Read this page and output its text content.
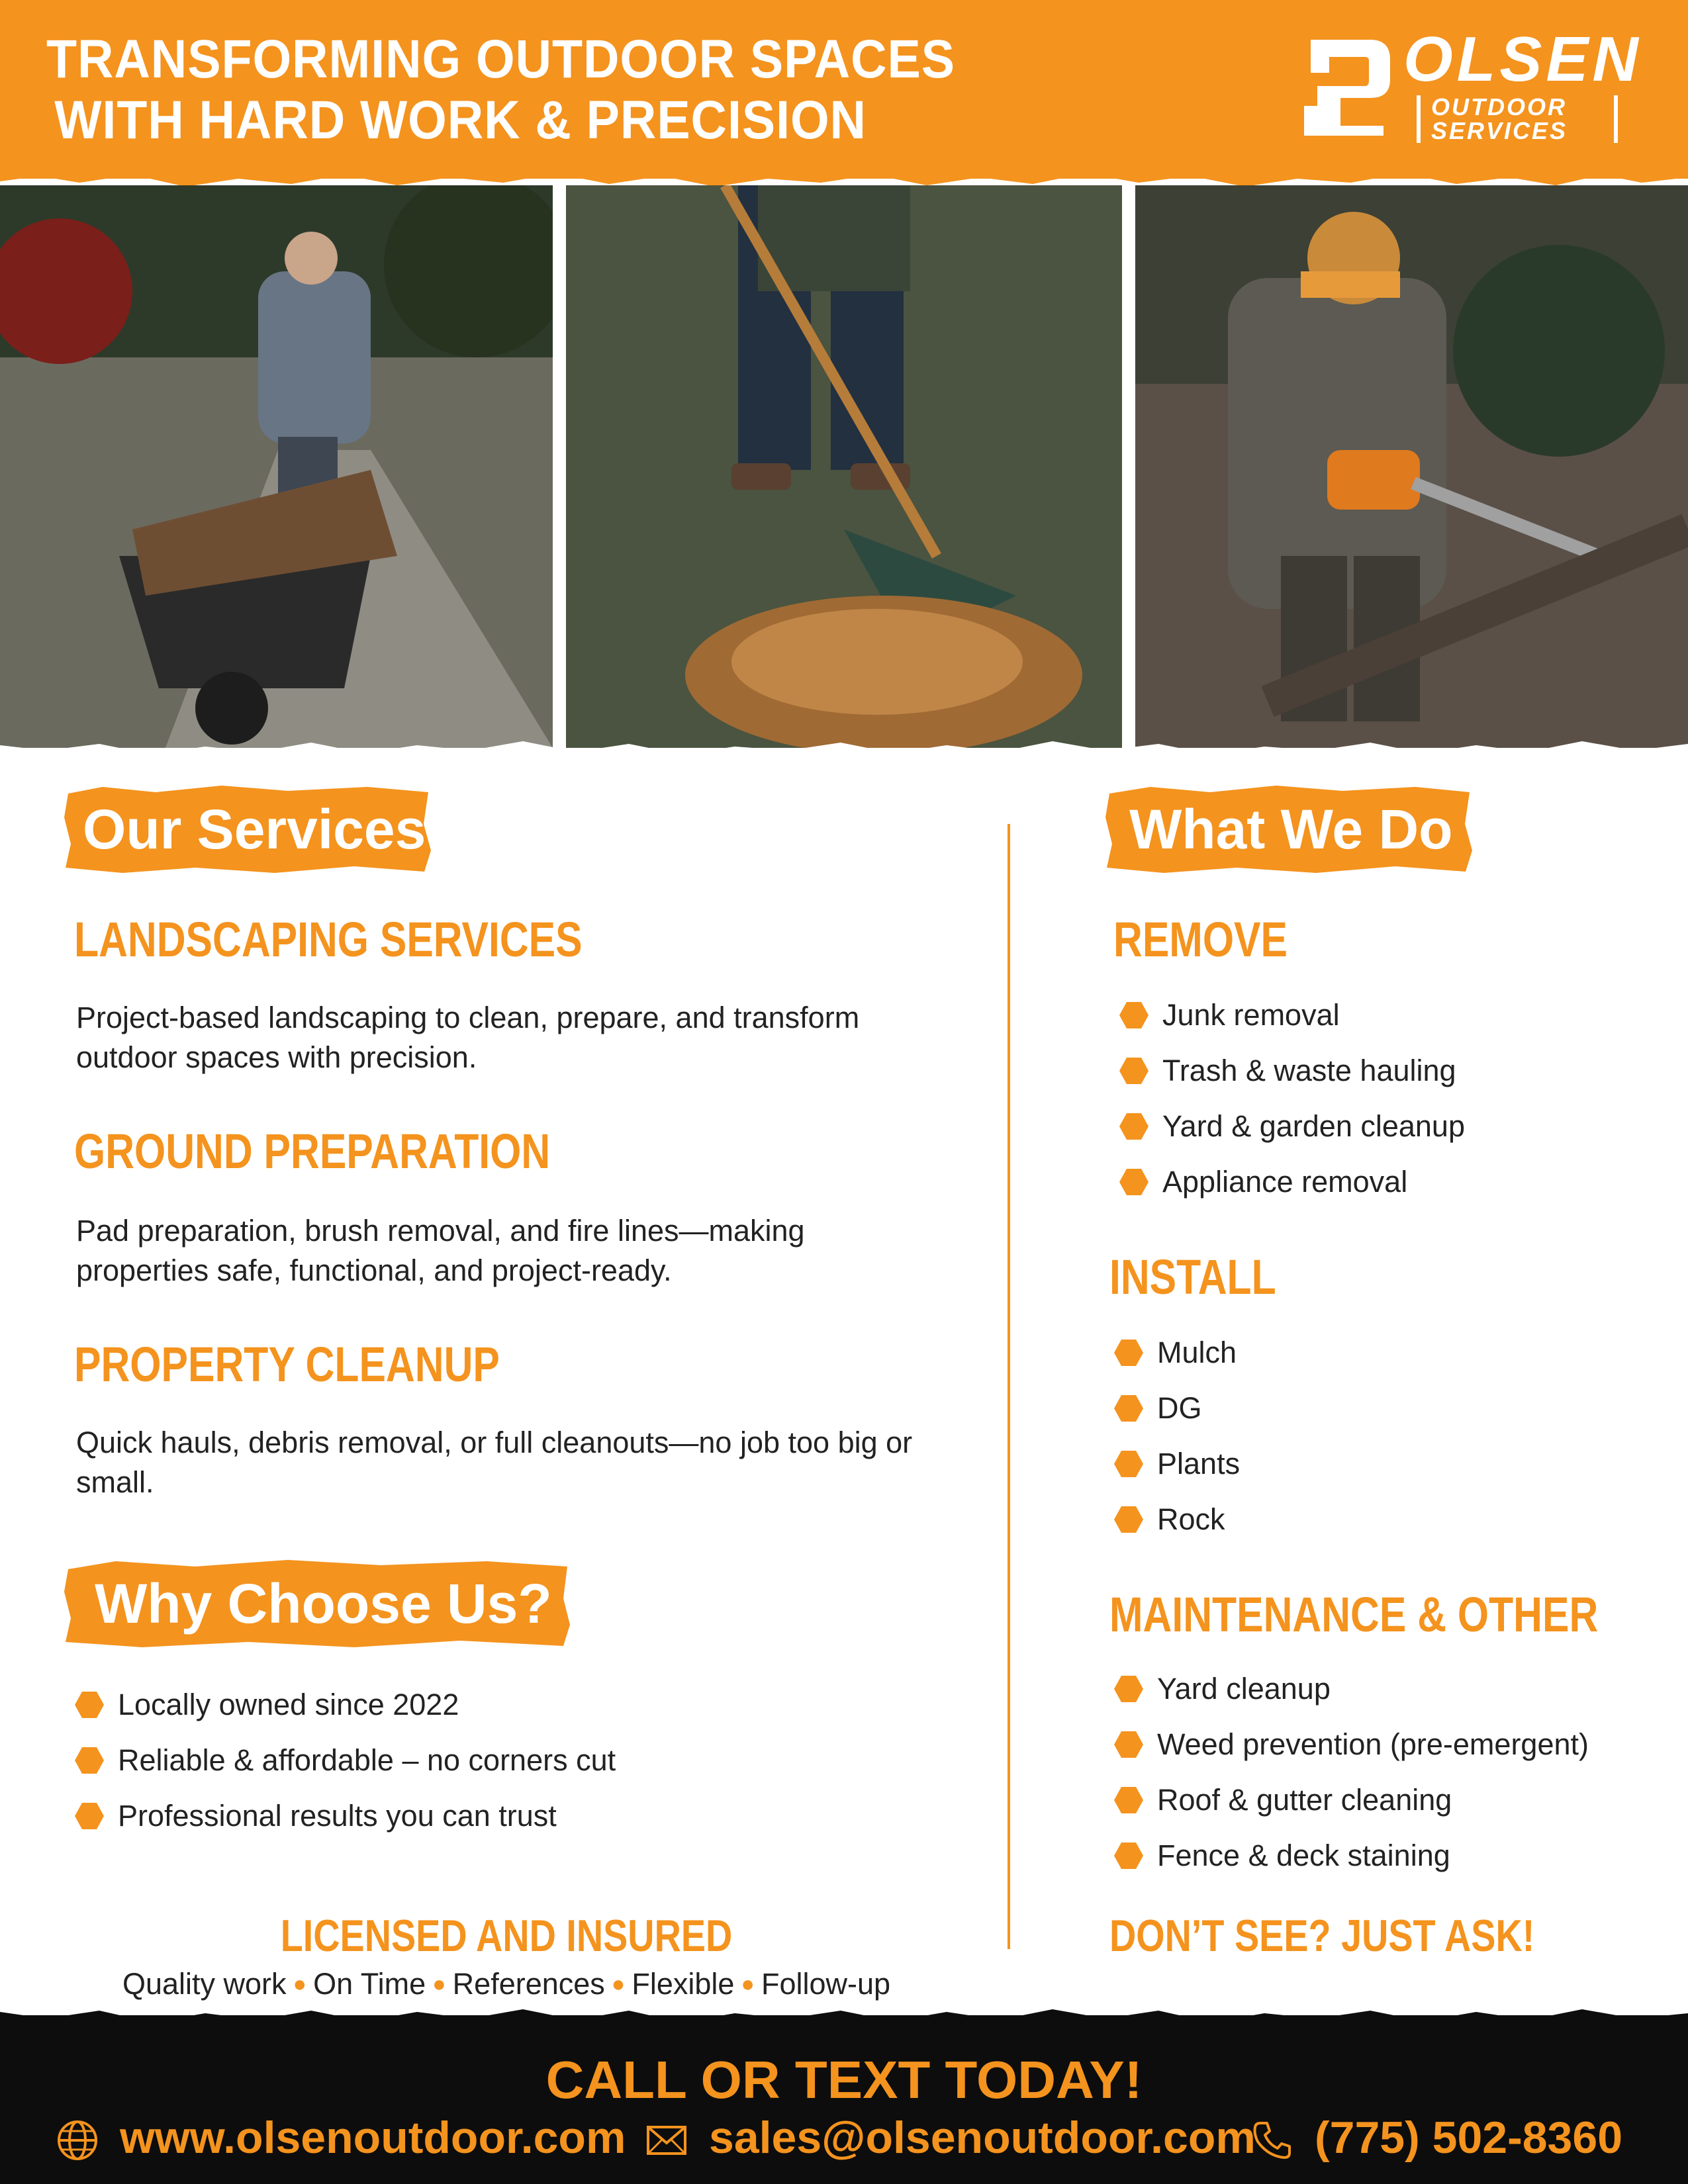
TRANSFORMING OUTDOOR SPACES
WITH HARD WORK & PRECISION
OLSEN
OUTDOOR
SERVICES
Our Services
LANDSCAPING SERVICES
Project-based landscaping to clean, prepare, and transform outdoor spaces with precision.
GROUND PREPARATION
Pad preparation, brush removal, and fire lines—making properties safe, functional, and project-ready.
PROPERTY CLEANUP
Quick hauls, debris removal, or full cleanouts—no job too big or small.
Why Choose Us?
Locally owned since 2022
Reliable & affordable – no corners cut
Professional results you can trust
LICENSED AND INSURED
Quality work ● On Time ● References ● Flexible ● Follow-up
What We Do
REMOVE
Junk removal
Trash & waste hauling
Yard & garden cleanup
Appliance removal
INSTALL
Mulch
DG
Plants
Rock
MAINTENANCE & OTHER
Yard cleanup
Weed prevention (pre-emergent)
Roof & gutter cleaning
Fence & deck staining
DON’T SEE? JUST ASK!
CALL OR TEXT TODAY!
www.olsenoutdoor.com sales@olsenoutdoor.com (775) 502-8360
